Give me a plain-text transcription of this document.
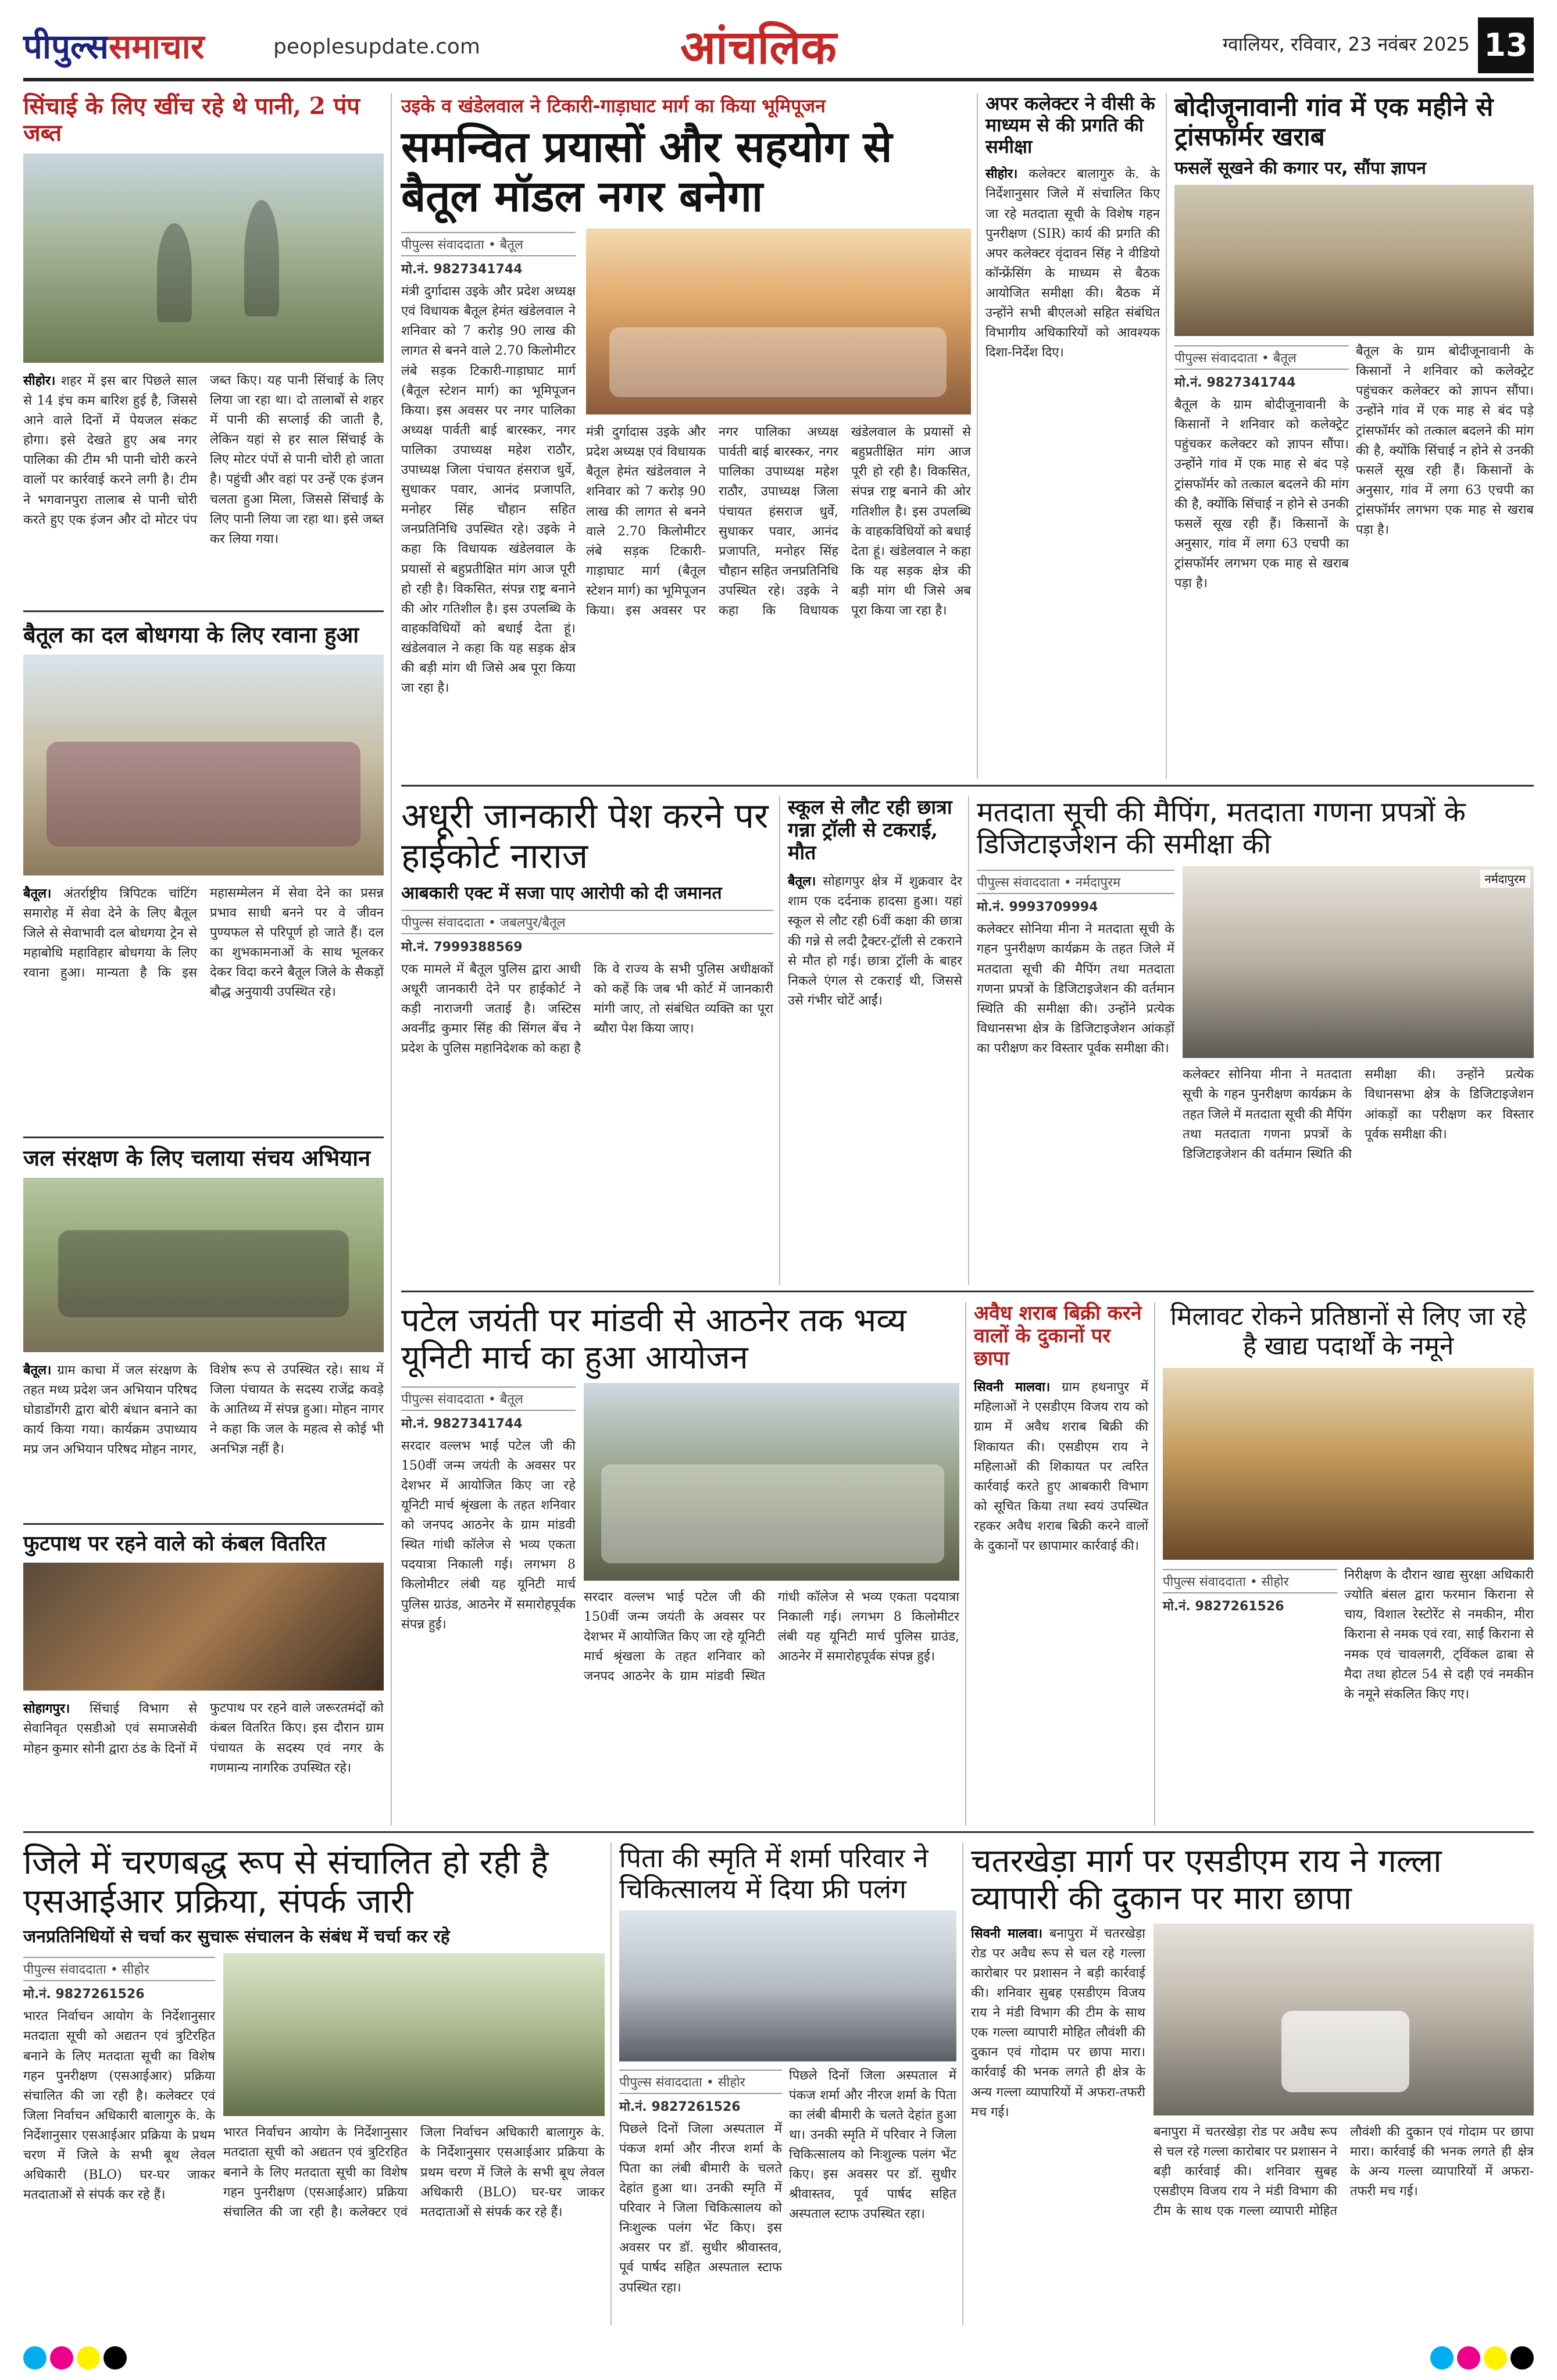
पीपुल्ससमाचार	peoplesupdate.com	आंचलिक	ग्वालियर, रविवार, 23 नवंबर 2025 13
सिंचाई के लिए खींच रहे थे पानी, 2 पंप जब्त
सीहोर। शहर में इस बार पिछले साल से 14 इंच कम बारिश हुई है, जिससे आने वाले दिनों में पेयजल संकट होगा। इसे देखते हुए अब नगर पालिका की टीम भी पानी चोरी करने वालों पर कार्रवाई करने लगी है। टीम ने भगवानपुरा तालाब से पानी चोरी करते हुए एक इंजन और दो मोटर पंप जब्त किए। यह पानी सिंचाई के लिए लिया जा रहा था। दो तालाबों से शहर में पानी की सप्लाई की जाती है, लेकिन यहां से हर साल सिंचाई के लिए मोटर पंपों से पानी चोरी हो जाता है। पहुंची और वहां पर उन्हें एक इंजन चलता हुआ मिला, जिससे सिंचाई के लिए पानी लिया जा रहा था। इसे जब्त कर लिया गया।
बैतूल का दल बोधगया के लिए रवाना हुआ
बैतूल। अंतर्राष्ट्रीय त्रिपिटक चांटिंग समारोह में सेवा देने के लिए बैतूल जिले से सेवाभावी दल बोधगया ट्रेन से महाबोधि महाविहार बोधगया के लिए रवाना हुआ। मान्यता है कि इस महासम्मेलन में सेवा देने का प्रसन्न प्रभाव साधी बनने पर वे जीवन पुण्यफल से परिपूर्ण हो जाते हैं। दल का शुभकामनाओं के साथ भूलकर देकर विदा करने बैतूल जिले के सैकड़ों बौद्ध अनुयायी उपस्थित रहे।
जल संरक्षण के लिए चलाया संचय अभियान
बैतूल। ग्राम काचा में जल संरक्षण के तहत मध्य प्रदेश जन अभियान परिषद घोडाडोंगरी द्वारा बोरी बंधान बनाने का कार्य किया गया। कार्यक्रम उपाध्याय मप्र जन अभियान परिषद मोहन नागर, विशेष रूप से उपस्थित रहे। साथ में जिला पंचायत के सदस्य राजेंद्र कवड़े के आतिथ्य में संपन्न हुआ। मोहन नागर ने कहा कि जल के महत्व से कोई भी अनभिज्ञ नहीं है।
फुटपाथ पर रहने वाले को कंबल वितरित
सोहागपुर। सिंचाई विभाग से सेवानिवृत एसडीओ एवं समाजसेवी मोहन कुमार सोनी द्वारा ठंड के दिनों में फुटपाथ पर रहने वाले जरूरतमंदों को कंबल वितरित किए। इस दौरान ग्राम पंचायत के सदस्य एवं नगर के गणमान्य नागरिक उपस्थित रहे।
उइके व खंडेलवाल ने टिकारी-गाड़ाघाट मार्ग का किया भूमिपूजन
समन्वित प्रयासों और सहयोग से बैतूल मॉडल नगर बनेगा
पीपुल्स संवाददाता • बैतूल
मो.नं. 9827341744
मंत्री दुर्गादास उइके और प्रदेश अध्यक्ष एवं विधायक बैतूल हेमंत खंडेलवाल ने शनिवार को 7 करोड़ 90 लाख की लागत से बनने वाले 2.70 किलोमीटर लंबे सड़क टिकारी-गाड़ाघाट मार्ग (बैतूल स्टेशन मार्ग) का भूमिपूजन किया। इस अवसर पर नगर पालिका अध्यक्ष पार्वती बाई बारस्कर, नगर पालिका उपाध्यक्ष महेश राठौर, उपाध्यक्ष जिला पंचायत हंसराज धुर्वे, सुधाकर पवार, आनंद प्रजापति, मनोहर सिंह चौहान सहित जनप्रतिनिधि उपस्थित रहे। उइके ने कहा कि विधायक खंडेलवाल के प्रयासों से बहुप्रतीक्षित मांग आज पूरी हो रही है। विकसित, संपन्न राष्ट्र बनाने की ओर गतिशील है। इस उपलब्धि के वाहकविधियों को बधाई देता हूं। खंडेलवाल ने कहा कि यह सड़क क्षेत्र की बड़ी मांग थी जिसे अब पूरा किया जा रहा है।
मंत्री दुर्गादास उइके और प्रदेश अध्यक्ष एवं विधायक बैतूल हेमंत खंडेलवाल ने शनिवार को 7 करोड़ 90 लाख की लागत से बनने वाले 2.70 किलोमीटर लंबे सड़क टिकारी-गाड़ाघाट मार्ग (बैतूल स्टेशन मार्ग) का भूमिपूजन किया। इस अवसर पर नगर पालिका अध्यक्ष पार्वती बाई बारस्कर, नगर पालिका उपाध्यक्ष महेश राठौर, उपाध्यक्ष जिला पंचायत हंसराज धुर्वे, सुधाकर पवार, आनंद प्रजापति, मनोहर सिंह चौहान सहित जनप्रतिनिधि उपस्थित रहे। उइके ने कहा कि विधायक खंडेलवाल के प्रयासों से बहुप्रतीक्षित मांग आज पूरी हो रही है। विकसित, संपन्न राष्ट्र बनाने की ओर गतिशील है। इस उपलब्धि के वाहकविधियों को बधाई देता हूं। खंडेलवाल ने कहा कि यह सड़क क्षेत्र की बड़ी मांग थी जिसे अब पूरा किया जा रहा है।
अपर कलेक्टर ने वीसी के माध्यम से की प्रगति की समीक्षा
सीहोर। कलेक्टर बालागुरु के. के निर्देशानुसार जिले में संचालित किए जा रहे मतदाता सूची के विशेष गहन पुनरीक्षण (SIR) कार्य की प्रगति की अपर कलेक्टर वृंदावन सिंह ने वीडियो कॉन्फ्रेंसिंग के माध्यम से बैठक आयोजित समीक्षा की। बैठक में उन्होंने सभी बीएलओ सहित संबंधित विभागीय अधिकारियों को आवश्यक दिशा-निर्देश दिए।
बोदीजूनावानी गांव में एक महीने से ट्रांसफॉर्मर खराब
फसलें सूखने की कगार पर, सौंपा ज्ञापन
पीपुल्स संवाददाता • बैतूल
मो.नं. 9827341744
बैतूल के ग्राम बोदीजूनावानी के किसानों ने शनिवार को कलेक्ट्रेट पहुंचकर कलेक्टर को ज्ञापन सौंपा। उन्होंने गांव में एक माह से बंद पड़े ट्रांसफॉर्मर को तत्काल बदलने की मांग की है, क्योंकि सिंचाई न होने से उनकी फसलें सूख रही हैं। किसानों के अनुसार, गांव में लगा 63 एचपी का ट्रांसफॉर्मर लगभग एक माह से खराब पड़ा है।
बैतूल के ग्राम बोदीजूनावानी के किसानों ने शनिवार को कलेक्ट्रेट पहुंचकर कलेक्टर को ज्ञापन सौंपा। उन्होंने गांव में एक माह से बंद पड़े ट्रांसफॉर्मर को तत्काल बदलने की मांग की है, क्योंकि सिंचाई न होने से उनकी फसलें सूख रही हैं। किसानों के अनुसार, गांव में लगा 63 एचपी का ट्रांसफॉर्मर लगभग एक माह से खराब पड़ा है।
अधूरी जानकारी पेश करने पर हाईकोर्ट नाराज
आबकारी एक्ट में सजा पाए आरोपी को दी जमानत
पीपुल्स संवाददाता • जबलपुर/बैतूल
मो.नं. 7999388569
एक मामले में बैतूल पुलिस द्वारा आधी अधूरी जानकारी देने पर हाईकोर्ट ने कड़ी नाराजगी जताई है। जस्टिस अवनींद्र कुमार सिंह की सिंगल बेंच ने प्रदेश के पुलिस महानिदेशक को कहा है कि वे राज्य के सभी पुलिस अधीक्षकों को कहें कि जब भी कोर्ट में जानकारी मांगी जाए, तो संबंधित व्यक्ति का पूरा ब्यौरा पेश किया जाए।
स्कूल से लौट रही छात्रा गन्ना ट्रॉली से टकराई, मौत
बैतूल। सोहागपुर क्षेत्र में शुक्रवार देर शाम एक दर्दनाक हादसा हुआ। यहां स्कूल से लौट रही 6वीं कक्षा की छात्रा की गन्ने से लदी ट्रैक्टर-ट्रॉली से टकराने से मौत हो गई। छात्रा ट्रॉली के बाहर निकले एंगल से टकराई थी, जिससे उसे गंभीर चोटें आईं।
मतदाता सूची की मैपिंग, मतदाता गणना प्रपत्रों के डिजिटाइजेशन की समीक्षा की
पीपुल्स संवाददाता • नर्मदापुरम
मो.नं. 9993709994
कलेक्टर सोनिया मीना ने मतदाता सूची के गहन पुनरीक्षण कार्यक्रम के तहत जिले में मतदाता सूची की मैपिंग तथा मतदाता गणना प्रपत्रों के डिजिटाइजेशन की वर्तमान स्थिति की समीक्षा की। उन्होंने प्रत्येक विधानसभा क्षेत्र के डिजिटाइजेशन आंकड़ों का परीक्षण कर विस्तार पूर्वक समीक्षा की।
नर्मदापुरम
कलेक्टर सोनिया मीना ने मतदाता सूची के गहन पुनरीक्षण कार्यक्रम के तहत जिले में मतदाता सूची की मैपिंग तथा मतदाता गणना प्रपत्रों के डिजिटाइजेशन की वर्तमान स्थिति की समीक्षा की। उन्होंने प्रत्येक विधानसभा क्षेत्र के डिजिटाइजेशन आंकड़ों का परीक्षण कर विस्तार पूर्वक समीक्षा की।
पटेल जयंती पर मांडवी से आठनेर तक भव्य यूनिटी मार्च का हुआ आयोजन
पीपुल्स संवाददाता • बैतूल
मो.नं. 9827341744
सरदार वल्लभ भाई पटेल जी की 150वीं जन्म जयंती के अवसर पर देशभर में आयोजित किए जा रहे यूनिटी मार्च श्रृंखला के तहत शनिवार को जनपद आठनेर के ग्राम मांडवी स्थित गांधी कॉलेज से भव्य एकता पदयात्रा निकाली गई। लगभग 8 किलोमीटर लंबी यह यूनिटी मार्च पुलिस ग्राउंड, आठनेर में समारोहपूर्वक संपन्न हुई।
सरदार वल्लभ भाई पटेल जी की 150वीं जन्म जयंती के अवसर पर देशभर में आयोजित किए जा रहे यूनिटी मार्च श्रृंखला के तहत शनिवार को जनपद आठनेर के ग्राम मांडवी स्थित गांधी कॉलेज से भव्य एकता पदयात्रा निकाली गई। लगभग 8 किलोमीटर लंबी यह यूनिटी मार्च पुलिस ग्राउंड, आठनेर में समारोहपूर्वक संपन्न हुई।
अवैध शराब बिक्री करने वालों के दुकानों पर छापा
सिवनी मालवा। ग्राम हथनापुर में महिलाओं ने एसडीएम विजय राय को ग्राम में अवैध शराब बिक्री की शिकायत की। एसडीएम राय ने महिलाओं की शिकायत पर त्वरित कार्रवाई करते हुए आबकारी विभाग को सूचित किया तथा स्वयं उपस्थित रहकर अवैध शराब बिक्री करने वालों के दुकानों पर छापामार कार्रवाई की।
मिलावट रोकने प्रतिष्ठानों से लिए जा रहे है खाद्य पदार्थों के नमूने
पीपुल्स संवाददाता • सीहोर
मो.नं. 9827261526
निरीक्षण के दौरान खाद्य सुरक्षा अधिकारी ज्योति बंसल द्वारा फरमान किराना से चाय, विशाल रेस्टोरेंट से नमकीन, मीरा किराना से नमक एवं रवा, साईं किराना से नमक एवं चावलगरी, ट्विंकल ढाबा से मैदा तथा होटल 54 से दही एवं नमकीन के नमूने संकलित किए गए।
जिले में चरणबद्ध रूप से संचालित हो रही है एसआईआर प्रक्रिया, संपर्क जारी
जनप्रतिनिधियों से चर्चा कर सुचारू संचालन के संबंध में चर्चा कर रहे
पीपुल्स संवाददाता • सीहोर
मो.नं. 9827261526
भारत निर्वाचन आयोग के निर्देशानुसार मतदाता सूची को अद्यतन एवं त्रुटिरहित बनाने के लिए मतदाता सूची का विशेष गहन पुनरीक्षण (एसआईआर) प्रक्रिया संचालित की जा रही है। कलेक्टर एवं जिला निर्वाचन अधिकारी बालागुरु के. के निर्देशानुसार एसआईआर प्रक्रिया के प्रथम चरण में जिले के सभी बूथ लेवल अधिकारी (BLO) घर-घर जाकर मतदाताओं से संपर्क कर रहे हैं।
भारत निर्वाचन आयोग के निर्देशानुसार मतदाता सूची को अद्यतन एवं त्रुटिरहित बनाने के लिए मतदाता सूची का विशेष गहन पुनरीक्षण (एसआईआर) प्रक्रिया संचालित की जा रही है। कलेक्टर एवं जिला निर्वाचन अधिकारी बालागुरु के. के निर्देशानुसार एसआईआर प्रक्रिया के प्रथम चरण में जिले के सभी बूथ लेवल अधिकारी (BLO) घर-घर जाकर मतदाताओं से संपर्क कर रहे हैं।
पिता की स्मृति में शर्मा परिवार ने चिकित्सालय में दिया फ्री पलंग
पीपुल्स संवाददाता • सीहोर
मो.नं. 9827261526
पिछले दिनों जिला अस्पताल में पंकज शर्मा और नीरज शर्मा के पिता का लंबी बीमारी के चलते देहांत हुआ था। उनकी स्मृति में परिवार ने जिला चिकित्सालय को निःशुल्क पलंग भेंट किए। इस अवसर पर डॉ. सुधीर श्रीवास्तव, पूर्व पार्षद सहित अस्पताल स्टाफ उपस्थित रहा।
पिछले दिनों जिला अस्पताल में पंकज शर्मा और नीरज शर्मा के पिता का लंबी बीमारी के चलते देहांत हुआ था। उनकी स्मृति में परिवार ने जिला चिकित्सालय को निःशुल्क पलंग भेंट किए। इस अवसर पर डॉ. सुधीर श्रीवास्तव, पूर्व पार्षद सहित अस्पताल स्टाफ उपस्थित रहा।
चतरखेड़ा मार्ग पर एसडीएम राय ने गल्ला व्यापारी की दुकान पर मारा छापा
सिवनी मालवा। बनापुरा में चतरखेड़ा रोड पर अवैध रूप से चल रहे गल्ला कारोबार पर प्रशासन ने बड़ी कार्रवाई की। शनिवार सुबह एसडीएम विजय राय ने मंडी विभाग की टीम के साथ एक गल्ला व्यापारी मोहित लौवंशी की दुकान एवं गोदाम पर छापा मारा। कार्रवाई की भनक लगते ही क्षेत्र के अन्य गल्ला व्यापारियों में अफरा-तफरी मच गई।
बनापुरा में चतरखेड़ा रोड पर अवैध रूप से चल रहे गल्ला कारोबार पर प्रशासन ने बड़ी कार्रवाई की। शनिवार सुबह एसडीएम विजय राय ने मंडी विभाग की टीम के साथ एक गल्ला व्यापारी मोहित लौवंशी की दुकान एवं गोदाम पर छापा मारा। कार्रवाई की भनक लगते ही क्षेत्र के अन्य गल्ला व्यापारियों में अफरा-तफरी मच गई।
